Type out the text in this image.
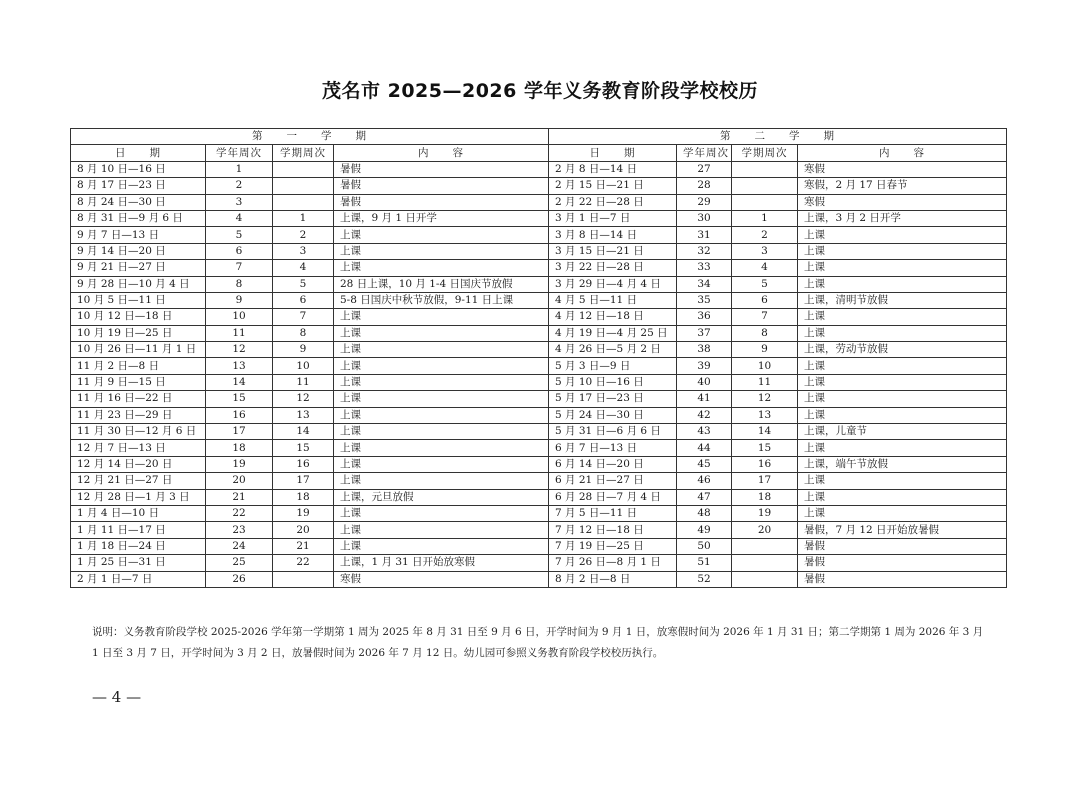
茂名市 2025—2026 学年义务教育阶段学校校历
第　　一　　学　　期				第　　二　　学　　期			
日　　期	学年周次	学期周次	内　　容	日　　期	学年周次	学期周次	内　　容
8 月 10 日—16 日	1		暑假	2 月 8 日—14 日	27		寒假
8 月 17 日—23 日	2		暑假	2 月 15 日—21 日	28		寒假，2 月 17 日春节
8 月 24 日—30 日	3		暑假	2 月 22 日—28 日	29		寒假
8 月 31 日—9 月 6 日	4	1	上课，9 月 1 日开学	3 月 1 日—7 日	30	1	上课，3 月 2 日开学
9 月 7 日—13 日	5	2	上课	3 月 8 日—14 日	31	2	上课
9 月 14 日—20 日	6	3	上课	3 月 15 日—21 日	32	3	上课
9 月 21 日—27 日	7	4	上课	3 月 22 日—28 日	33	4	上课
9 月 28 日—10 月 4 日	8	5	28 日上课，10 月 1-4 日国庆节放假	3 月 29 日—4 月 4 日	34	5	上课
10 月 5 日—11 日	9	6	5-8 日国庆中秋节放假，9-11 日上课	4 月 5 日—11 日	35	6	上课，清明节放假
10 月 12 日—18 日	10	7	上课	4 月 12 日—18 日	36	7	上课
10 月 19 日—25 日	11	8	上课	4 月 19 日—4 月 25 日	37	8	上课
10 月 26 日—11 月 1 日	12	9	上课	4 月 26 日—5 月 2 日	38	9	上课，劳动节放假
11 月 2 日—8 日	13	10	上课	5 月 3 日—9 日	39	10	上课
11 月 9 日—15 日	14	11	上课	5 月 10 日—16 日	40	11	上课
11 月 16 日—22 日	15	12	上课	5 月 17 日—23 日	41	12	上课
11 月 23 日—29 日	16	13	上课	5 月 24 日—30 日	42	13	上课
11 月 30 日—12 月 6 日	17	14	上课	5 月 31 日—6 月 6 日	43	14	上课，儿童节
12 月 7 日—13 日	18	15	上课	6 月 7 日—13 日	44	15	上课
12 月 14 日—20 日	19	16	上课	6 月 14 日—20 日	45	16	上课，端午节放假
12 月 21 日—27 日	20	17	上课	6 月 21 日—27 日	46	17	上课
12 月 28 日—1 月 3 日	21	18	上课，元旦放假	6 月 28 日—7 月 4 日	47	18	上课
1 月 4 日—10 日	22	19	上课	7 月 5 日—11 日	48	19	上课
1 月 11 日—17 日	23	20	上课	7 月 12 日—18 日	49	20	暑假，7 月 12 日开始放暑假
1 月 18 日—24 日	24	21	上课	7 月 19 日—25 日	50		暑假
1 月 25 日—31 日	25	22	上课，1 月 31 日开始放寒假	7 月 26 日—8 月 1 日	51		暑假
2 月 1 日—7 日	26		寒假	8 月 2 日—8 日	52		暑假
说明：义务教育阶段学校 2025-2026 学年第一学期第 1 周为 2025 年 8 月 31 日至 9 月 6 日，开学时间为 9 月 1 日，放寒假时间为 2026 年 1 月 31 日；第二学期第 1 周为 2026 年 3 月 1 日至 3 月 7 日，开学时间为 3 月 2 日，放暑假时间为 2026 年 7 月 12 日。幼儿园可参照义务教育阶段学校校历执行。
— 4 —
